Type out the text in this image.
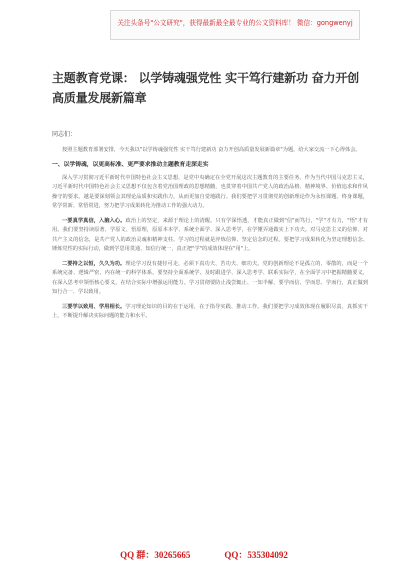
关注头条号"公文研究"，获得最新最全最专业的公文资料库！ 微信：gongwenyj
主题教育党课： 以学铸魂强党性 实干笃行建新功 奋力开创高质量发展新篇章
同志们：
按照主题教育部署安排，今天我以"以学铸魂强党性 实干笃行建新功 奋力开创高质量发展新篇章"为题，给大家交流一下心得体会。
一、以学铸魂，以更高标准、更严要求推动主题教育走深走实
深入学习贯彻习近平新时代中国特色社会主义思想，是党中央确定在全党开展这次主题教育的主要任务。作为当代中国马克思主义，习近平新时代中国特色社会主义思想不仅包含着党治国理政的思想精髓，也贯穿着中国共产党人的政治品格、精神境界、价值追求和作风操守的要求。越是要深刻领会其理论品质和实践伟力，从而更加自觉地践行。我们要把学习贯彻党的创新理论作为永恒课题、终身课题，常学常新、常悟常进，努力把学习成果转化为推动工作的强大动力。
一要真学真信，入脑入心。政治上的坚定，来源于理论上的清醒。只有学深悟透，才能真正做到"信"而笃行，"学"才有力，"悟"才有用。我们要坚持读原著、学原文、悟原理，原原本本学、系统全面学、深入思考学，在学懂弄通做实上下功夫。对马克思主义的信仰、对共产主义的信念，是共产党人的政治灵魂和精神支柱。学习的过程就是淬炼信仰、坚定信念的过程。要把学习成果转化为坚定理想信念、锤炼党性的实际行动，做到学思用贯通、知信行统一，真正把"学"的成效体现在"用"上。
二要持之以恒，久久为功。理论学习没有捷径可走，必须下真功夫、苦功夫、细功夫。党的创新理论不是孤立的、零散的，而是一个系统完备、逻辑严密、内在统一的科学体系。要坚持全面系统学、及时跟进学、深入思考学、联系实际学，在全面学习中把握精髓要义，在深入思考中领悟核心要义，在结合实际中增强运用能力。学习贯彻要防止浅尝辄止、一知半解，要学而信、学而思、学而行，真正做到知行合一、学以致用。
三要学以致用、学用相长。学习理论知识的目的在于运用，在于指导实践、推动工作。我们要把学习成效体现在履职尽责、真抓实干上，不断提升解决实际问题的能力和水平。
QQ 群：30265665	QQ：535304092
